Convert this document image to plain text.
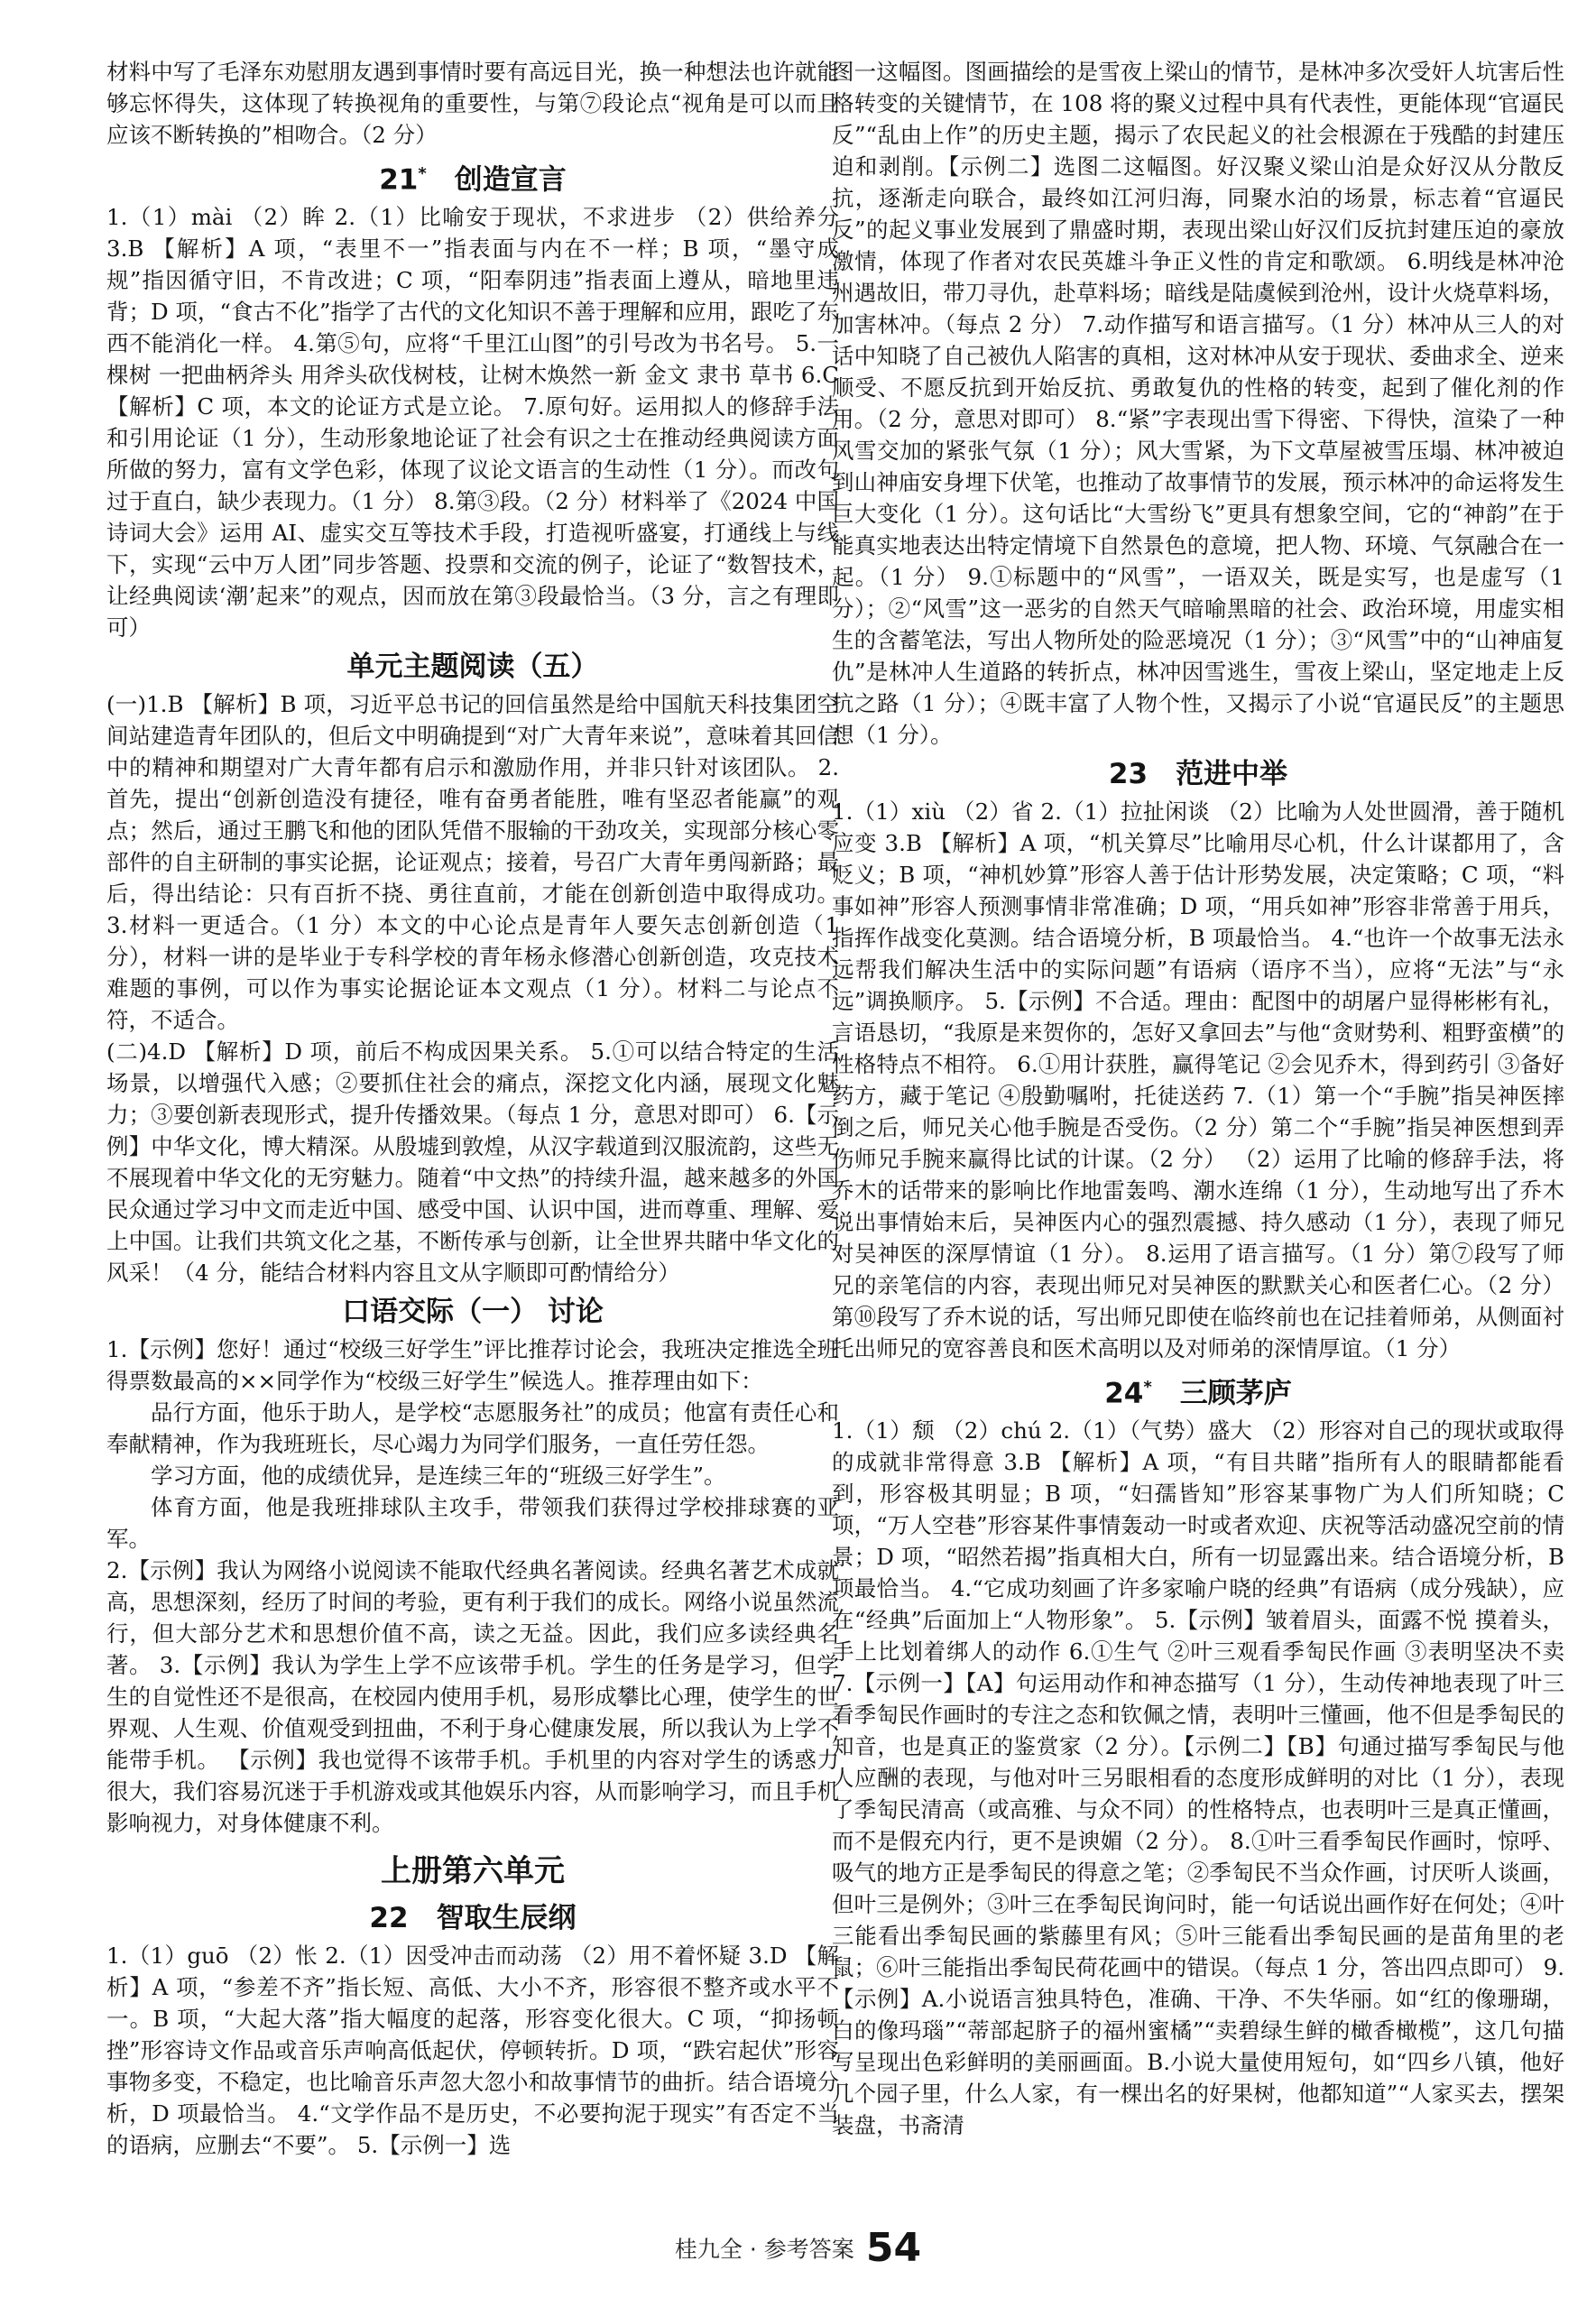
材料中写了毛泽东劝慰朋友遇到事情时要有高远目光，换一种想法也许就能够忘怀得失，这体现了转换视角的重要性，与第⑦段论点“视角是可以而且应该不断转换的”相吻合。（2 分）

21*  创造宣言

1.（1）mài （2）眸 2.（1）比喻安于现状，不求进步 （2）供给养分 3.B 【解析】A 项，“表里不一”指表面与内在不一样；B 项，“墨守成规”指因循守旧，不肯改进；C 项，“阳奉阴违”指表面上遵从，暗地里违背；D 项，“食古不化”指学了古代的文化知识不善于理解和应用，跟吃了东西不能消化一样。 4.第⑤句，应将“千里江山图”的引号改为书名号。 5.一棵树 一把曲柄斧头 用斧头砍伐树枝，让树木焕然一新 金文 隶书 草书 6.C 【解析】C 项，本文的论证方式是立论。 7.原句好。运用拟人的修辞手法和引用论证（1 分），生动形象地论证了社会有识之士在推动经典阅读方面所做的努力，富有文学色彩，体现了议论文语言的生动性（1 分）。而改句过于直白，缺少表现力。（1 分） 8.第③段。（2 分）材料举了《2024 中国诗词大会》运用 AI、虚实交互等技术手段，打造视听盛宴，打通线上与线下，实现“云中万人团”同步答题、投票和交流的例子，论证了“数智技术，让经典阅读‘潮’起来”的观点，因而放在第③段最恰当。（3 分，言之有理即可）

单元主题阅读（五）

(一)1.B 【解析】B 项，习近平总书记的回信虽然是给中国航天科技集团空间站建造青年团队的，但后文中明确提到“对广大青年来说”，意味着其回信中的精神和期望对广大青年都有启示和激励作用，并非只针对该团队。 2.首先，提出“创新创造没有捷径，唯有奋勇者能胜，唯有坚忍者能赢”的观点；然后，通过王鹏飞和他的团队凭借不服输的干劲攻关，实现部分核心零部件的自主研制的事实论据，论证观点；接着，号召广大青年勇闯新路；最后，得出结论：只有百折不挠、勇往直前，才能在创新创造中取得成功。 3.材料一更适合。（1 分）本文的中心论点是青年人要矢志创新创造（1 分），材料一讲的是毕业于专科学校的青年杨永修潜心创新创造，攻克技术难题的事例，可以作为事实论据论证本文观点（1 分）。材料二与论点不符，不适合。

(二)4.D 【解析】D 项，前后不构成因果关系。 5.①可以结合特定的生活场景，以增强代入感；②要抓住社会的痛点，深挖文化内涵，展现文化魅力；③要创新表现形式，提升传播效果。（每点 1 分，意思对即可） 6.【示例】中华文化，博大精深。从殷墟到敦煌，从汉字载道到汉服流韵，这些无不展现着中华文化的无穷魅力。随着“中文热”的持续升温，越来越多的外国民众通过学习中文而走近中国、感受中国、认识中国，进而尊重、理解、爱上中国。让我们共筑文化之基，不断传承与创新，让全世界共睹中华文化的风采！（4 分，能结合材料内容且文从字顺即可酌情给分）

口语交际（一） 讨论

1.【示例】您好！通过“校级三好学生”评比推荐讨论会，我班决定推选全班得票数最高的××同学作为“校级三好学生”候选人。推荐理由如下：

品行方面，他乐于助人，是学校“志愿服务社”的成员；他富有责任心和奉献精神，作为我班班长，尽心竭力为同学们服务，一直任劳任怨。

学习方面，他的成绩优异，是连续三年的“班级三好学生”。

体育方面，他是我班排球队主攻手，带领我们获得过学校排球赛的亚军。

2.【示例】我认为网络小说阅读不能取代经典名著阅读。经典名著艺术成就高，思想深刻，经历了时间的考验，更有利于我们的成长。网络小说虽然流行，但大部分艺术和思想价值不高，读之无益。因此，我们应多读经典名著。 3.【示例】我认为学生上学不应该带手机。学生的任务是学习，但学生的自觉性还不是很高，在校园内使用手机，易形成攀比心理，使学生的世界观、人生观、价值观受到扭曲，不利于身心健康发展，所以我认为上学不能带手机。 【示例】我也觉得不该带手机。手机里的内容对学生的诱惑力很大，我们容易沉迷于手机游戏或其他娱乐内容，从而影响学习，而且手机影响视力，对身体健康不利。

上册第六单元
22  智取生辰纲

1.（1）guō （2）怅 2.（1）因受冲击而动荡 （2）用不着怀疑 3.D 【解析】A 项，“参差不齐”指长短、高低、大小不齐，形容很不整齐或水平不一。B 项，“大起大落”指大幅度的起落，形容变化很大。C 项，“抑扬顿挫”形容诗文作品或音乐声响高低起伏，停顿转折。D 项，“跌宕起伏”形容事物多变，不稳定，也比喻音乐声忽大忽小和故事情节的曲折。结合语境分析，D 项最恰当。 4.“文学作品不是历史，不必要拘泥于现实”有否定不当的语病，应删去“不要”。 5.【示例一】选

图一这幅图。图画描绘的是雪夜上梁山的情节，是林冲多次受奸人坑害后性格转变的关键情节，在 108 将的聚义过程中具有代表性，更能体现“官逼民反”“乱由上作”的历史主题，揭示了农民起义的社会根源在于残酷的封建压迫和剥削。【示例二】选图二这幅图。好汉聚义梁山泊是众好汉从分散反抗，逐渐走向联合，最终如江河归海，同聚水泊的场景，标志着“官逼民反”的起义事业发展到了鼎盛时期，表现出梁山好汉们反抗封建压迫的豪放激情，体现了作者对农民英雄斗争正义性的肯定和歌颂。 6.明线是林冲沧州遇故旧，带刀寻仇，赴草料场；暗线是陆虞候到沧州，设计火烧草料场，加害林冲。（每点 2 分） 7.动作描写和语言描写。（1 分）林冲从三人的对话中知晓了自己被仇人陷害的真相，这对林冲从安于现状、委曲求全、逆来顺受、不愿反抗到开始反抗、勇敢复仇的性格的转变，起到了催化剂的作用。（2 分，意思对即可） 8.“紧”字表现出雪下得密、下得快，渲染了一种风雪交加的紧张气氛（1 分）；风大雪紧，为下文草屋被雪压塌、林冲被迫到山神庙安身埋下伏笔，也推动了故事情节的发展，预示林冲的命运将发生巨大变化（1 分）。这句话比“大雪纷飞”更具有想象空间，它的“神韵”在于能真实地表达出特定情境下自然景色的意境，把人物、环境、气氛融合在一起。（1 分） 9.①标题中的“风雪”，一语双关，既是实写，也是虚写（1 分）；②“风雪”这一恶劣的自然天气暗喻黑暗的社会、政治环境，用虚实相生的含蓄笔法，写出人物所处的险恶境况（1 分）；③“风雪”中的“山神庙复仇”是林冲人生道路的转折点，林冲因雪逃生，雪夜上梁山，坚定地走上反抗之路（1 分）；④既丰富了人物个性，又揭示了小说“官逼民反”的主题思想（1 分）。

23  范进中举

1.（1）xiù （2）省 2.（1）拉扯闲谈 （2）比喻为人处世圆滑，善于随机应变 3.B 【解析】A 项，“机关算尽”比喻用尽心机，什么计谋都用了，含贬义；B 项，“神机妙算”形容人善于估计形势发展，决定策略；C 项，“料事如神”形容人预测事情非常准确；D 项，“用兵如神”形容非常善于用兵，指挥作战变化莫测。结合语境分析，B 项最恰当。 4.“也许一个故事无法永远帮我们解决生活中的实际问题”有语病（语序不当），应将“无法”与“永远”调换顺序。 5.【示例】不合适。理由：配图中的胡屠户显得彬彬有礼，言语恳切，“我原是来贺你的，怎好又拿回去”与他“贪财势利、粗野蛮横”的性格特点不相符。 6.①用计获胜，赢得笔记 ②会见乔木，得到药引 ③备好药方，藏于笔记 ④殷勤嘱咐，托徒送药 7.（1）第一个“手腕”指吴神医摔倒之后，师兄关心他手腕是否受伤。（2 分）第二个“手腕”指吴神医想到弄伤师兄手腕来赢得比试的计谋。（2 分） （2）运用了比喻的修辞手法，将乔木的话带来的影响比作地雷轰鸣、潮水连绵（1 分），生动地写出了乔木说出事情始末后，吴神医内心的强烈震撼、持久感动（1 分），表现了师兄对吴神医的深厚情谊（1 分）。 8.运用了语言描写。（1 分）第⑦段写了师兄的亲笔信的内容，表现出师兄对吴神医的默默关心和医者仁心。（2 分）第⑩段写了乔木说的话，写出师兄即使在临终前也在记挂着师弟，从侧面衬托出师兄的宽容善良和医术高明以及对师弟的深情厚谊。（1 分）

24*  三顾茅庐

1.（1）颓 （2）chú 2.（1）（气势）盛大 （2）形容对自己的现状或取得的成就非常得意 3.B 【解析】A 项，“有目共睹”指所有人的眼睛都能看到，形容极其明显；B 项，“妇孺皆知”形容某事物广为人们所知晓；C 项，“万人空巷”形容某件事情轰动一时或者欢迎、庆祝等活动盛况空前的情景；D 项，“昭然若揭”指真相大白，所有一切显露出来。结合语境分析，B 项最恰当。 4.“它成功刻画了许多家喻户晓的经典”有语病（成分残缺），应在“经典”后面加上“人物形象”。 5.【示例】皱着眉头，面露不悦 摸着头，手上比划着绑人的动作 6.①生气 ②叶三观看季匋民作画 ③表明坚决不卖 7.【示例一】【A】句运用动作和神态描写（1 分），生动传神地表现了叶三看季匋民作画时的专注之态和钦佩之情，表明叶三懂画，他不但是季匋民的知音，也是真正的鉴赏家（2 分）。【示例二】【B】句通过描写季匋民与他人应酬的表现，与他对叶三另眼相看的态度形成鲜明的对比（1 分），表现了季匋民清高（或高雅、与众不同）的性格特点，也表明叶三是真正懂画，而不是假充内行，更不是谀媚（2 分）。 8.①叶三看季匋民作画时，惊呼、吸气的地方正是季匋民的得意之笔；②季匋民不当众作画，讨厌听人谈画，但叶三是例外；③叶三在季匋民询问时，能一句话说出画作好在何处；④叶三能看出季匋民画的紫藤里有风；⑤叶三能看出季匋民画的是苗角里的老鼠；⑥叶三能指出季匋民荷花画中的错误。（每点 1 分，答出四点即可） 9.【示例】A.小说语言独具特色，准确、干净、不失华丽。如“红的像珊瑚，白的像玛瑙”“蒂部起脐子的福州蜜橘”“卖碧绿生鲜的橄香橄榄”，这几句描写呈现出色彩鲜明的美丽画面。B.小说大量使用短句，如“四乡八镇，他好几个园子里，什么人家，有一棵出名的好果树，他都知道”“人家买去，摆架装盘，书斋清

桂九全 · 参考答案 54
